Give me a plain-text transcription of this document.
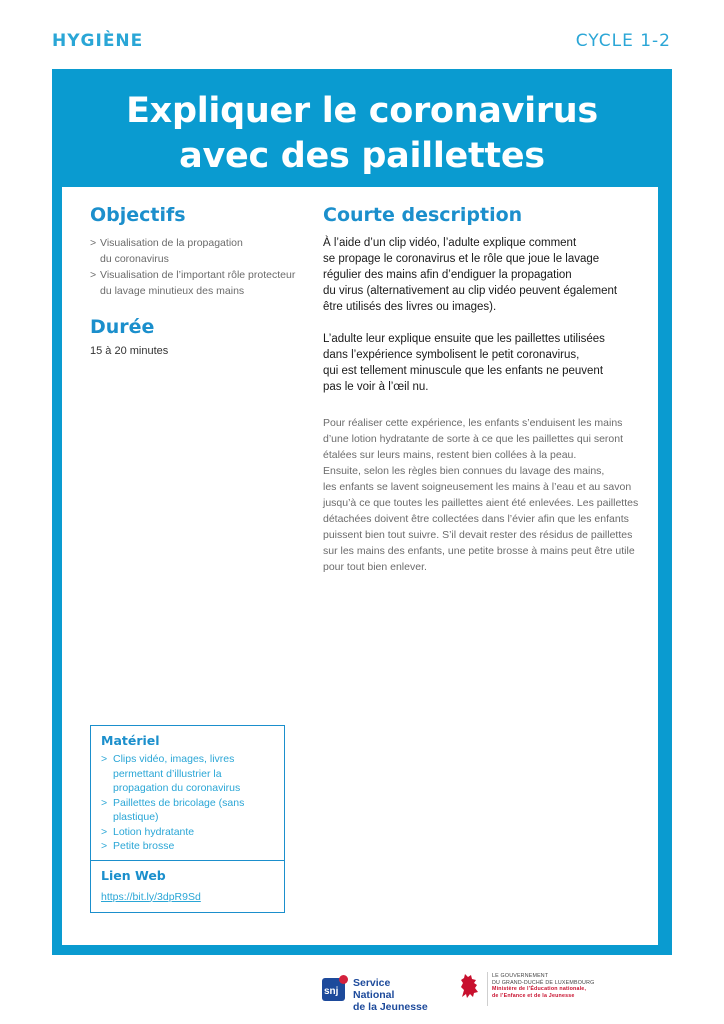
HYGIÈNE	CYCLE 1-2
Expliquer le coronavirus
avec des paillettes
Objectifs
> Visualisation de la propagation
du coronavirus
> Visualisation de l’important rôle protecteur
du lavage minutieux des mains
Durée
15 à 20 minutes
Courte description

À l’aide d’un clip vidéo, l’adulte explique comment
se propage le coronavirus et le rôle que joue le lavage
régulier des mains afin d’endiguer la propagation
du virus (alternativement au clip vidéo peuvent également
être utilisés des livres ou images).

L’adulte leur explique ensuite que les paillettes utilisées
dans l’expérience symbolisent le petit coronavirus,
qui est tellement minuscule que les enfants ne peuvent
pas le voir à l’œil nu.

Pour réaliser cette expérience, les enfants s’enduisent les mains
d’une lotion hydratante de sorte à ce que les paillettes qui seront
étalées sur leurs mains, restent bien collées à la peau.
Ensuite, selon les règles bien connues du lavage des mains,
les enfants se lavent soigneusement les mains à l’eau et au savon
jusqu’à ce que toutes les paillettes aient été enlevées. Les paillettes
détachées doivent être collectées dans l’évier afin que les enfants
puissent bien tout suivre. S’il devait rester des résidus de paillettes
sur les mains des enfants, une petite brosse à mains peut être utile
pour tout bien enlever.

Matériel
> Clips vidéo, images, livres
permettant d’illustrier la
propagation du coronavirus
> Paillettes de bricolage (sans
plastique)
> Lotion hydratante
> Petite brosse
Lien Web
https://bit.ly/3dpR9Sd
snj
Service National
de la Jeunesse
LE GOUVERNEMENT
DU GRAND-DUCHÉ DE LUXEMBOURG
Ministère de l’Éducation nationale,
de l’Enfance et de la Jeunesse
